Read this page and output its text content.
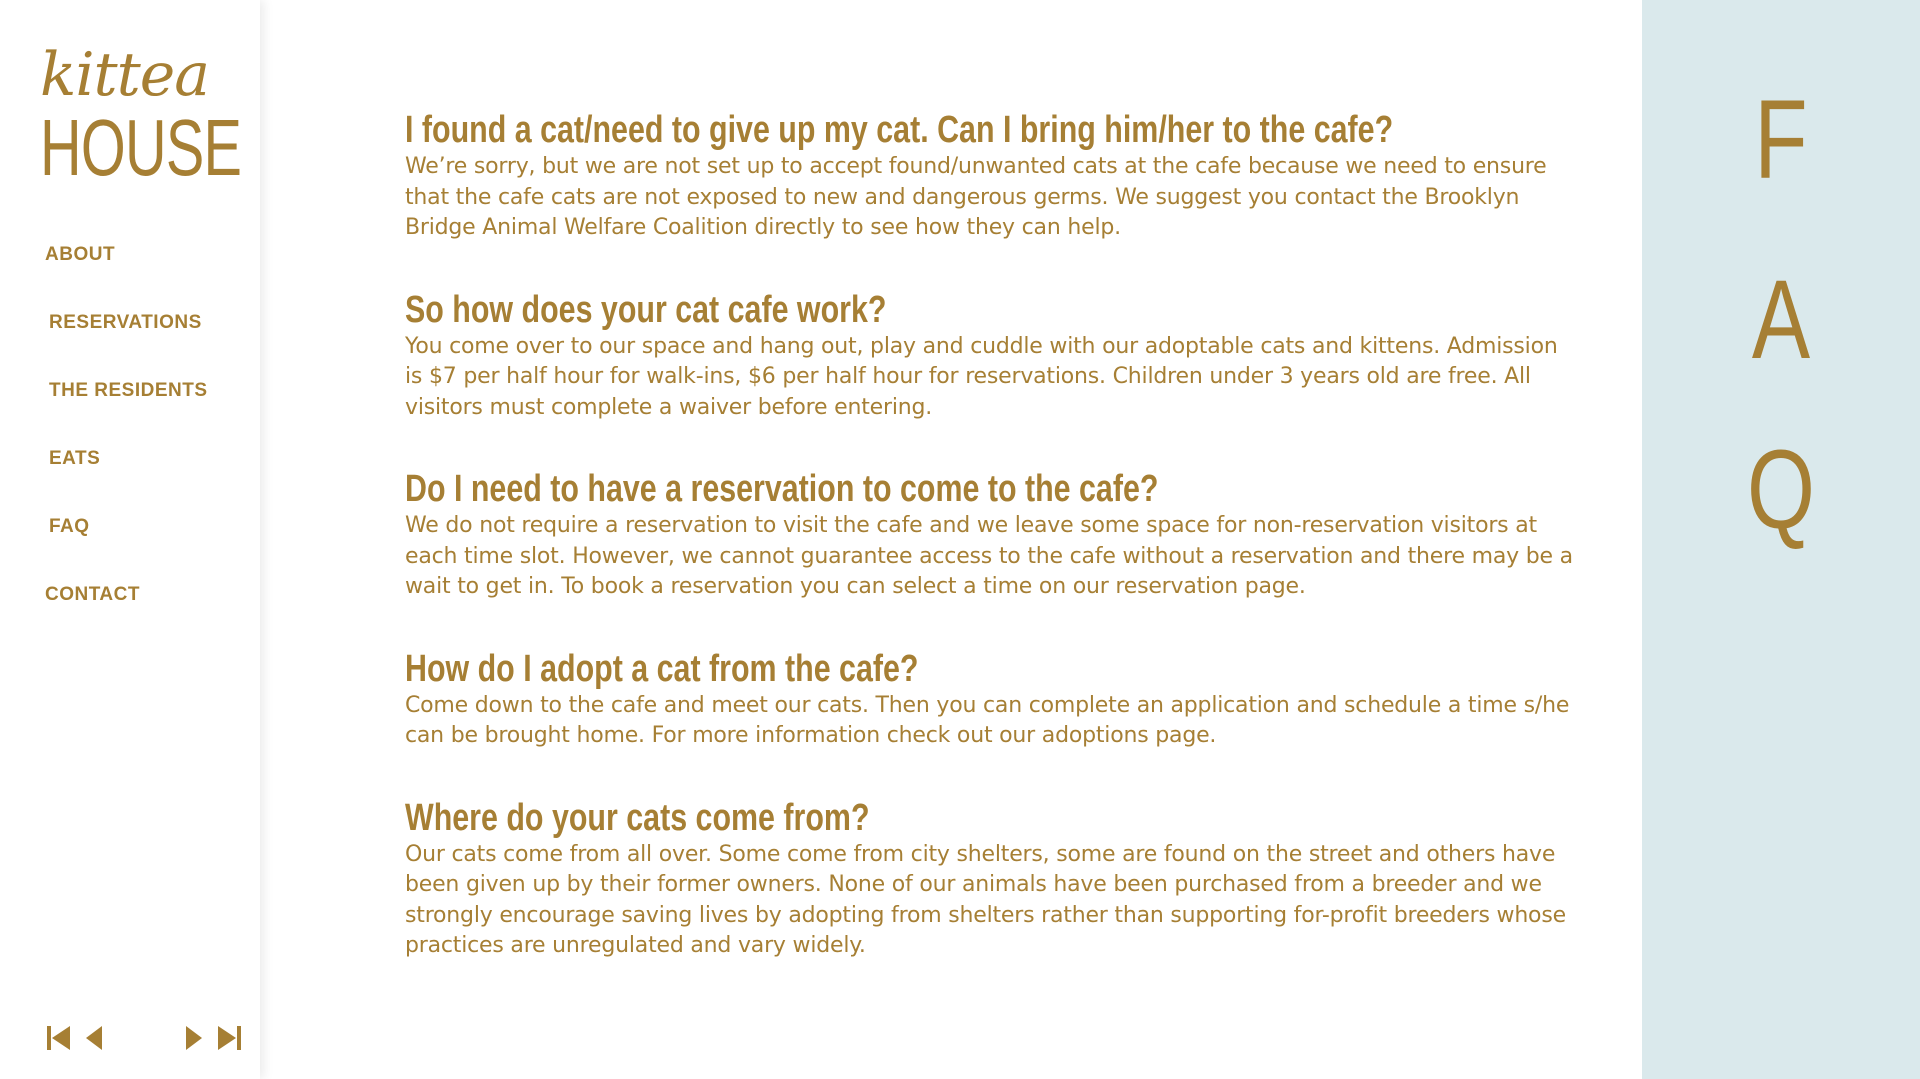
kittea
HOUSE
ABOUT
RESERVATIONS
THE RESIDENTS
EATS
FAQ
CONTACT
I found a cat/need to give up my cat. Can I bring him/her to the cafe?

We’re sorry, but we are not set up to accept found/unwanted cats at the cafe because we need to ensure that the cafe cats are not exposed to new and dangerous germs. We suggest you contact the Brooklyn Bridge Animal Welfare Coalition directly to see how they can help.

So how does your cat cafe work?

You come over to our space and hang out, play and cuddle with our adoptable cats and kittens. Admission is $7 per half hour for walk-ins, $6 per half hour for reservations. Children under 3 years old are free. All visitors must complete a waiver before entering.

Do I need to have a reservation to come to the cafe?

We do not require a reservation to visit the cafe and we leave some space for non-reservation visitors at each time slot. However, we cannot guarantee access to the cafe without a reservation and there may be a wait to get in. To book a reservation you can select a time on our reservation page.

How do I adopt a cat from the cafe?

Come down to the cafe and meet our cats. Then you can complete an application and schedule a time s/he can be brought home. For more information check out our adoptions page.

Where do your cats come from?

Our cats come from all over. Some come from city shelters, some are found on the street and others have been given up by their former owners. None of our animals have been purchased from a breeder and we strongly encourage saving lives by adopting from shelters rather than supporting for-profit breeders whose practices are unregulated and vary widely.

F
A
Q
